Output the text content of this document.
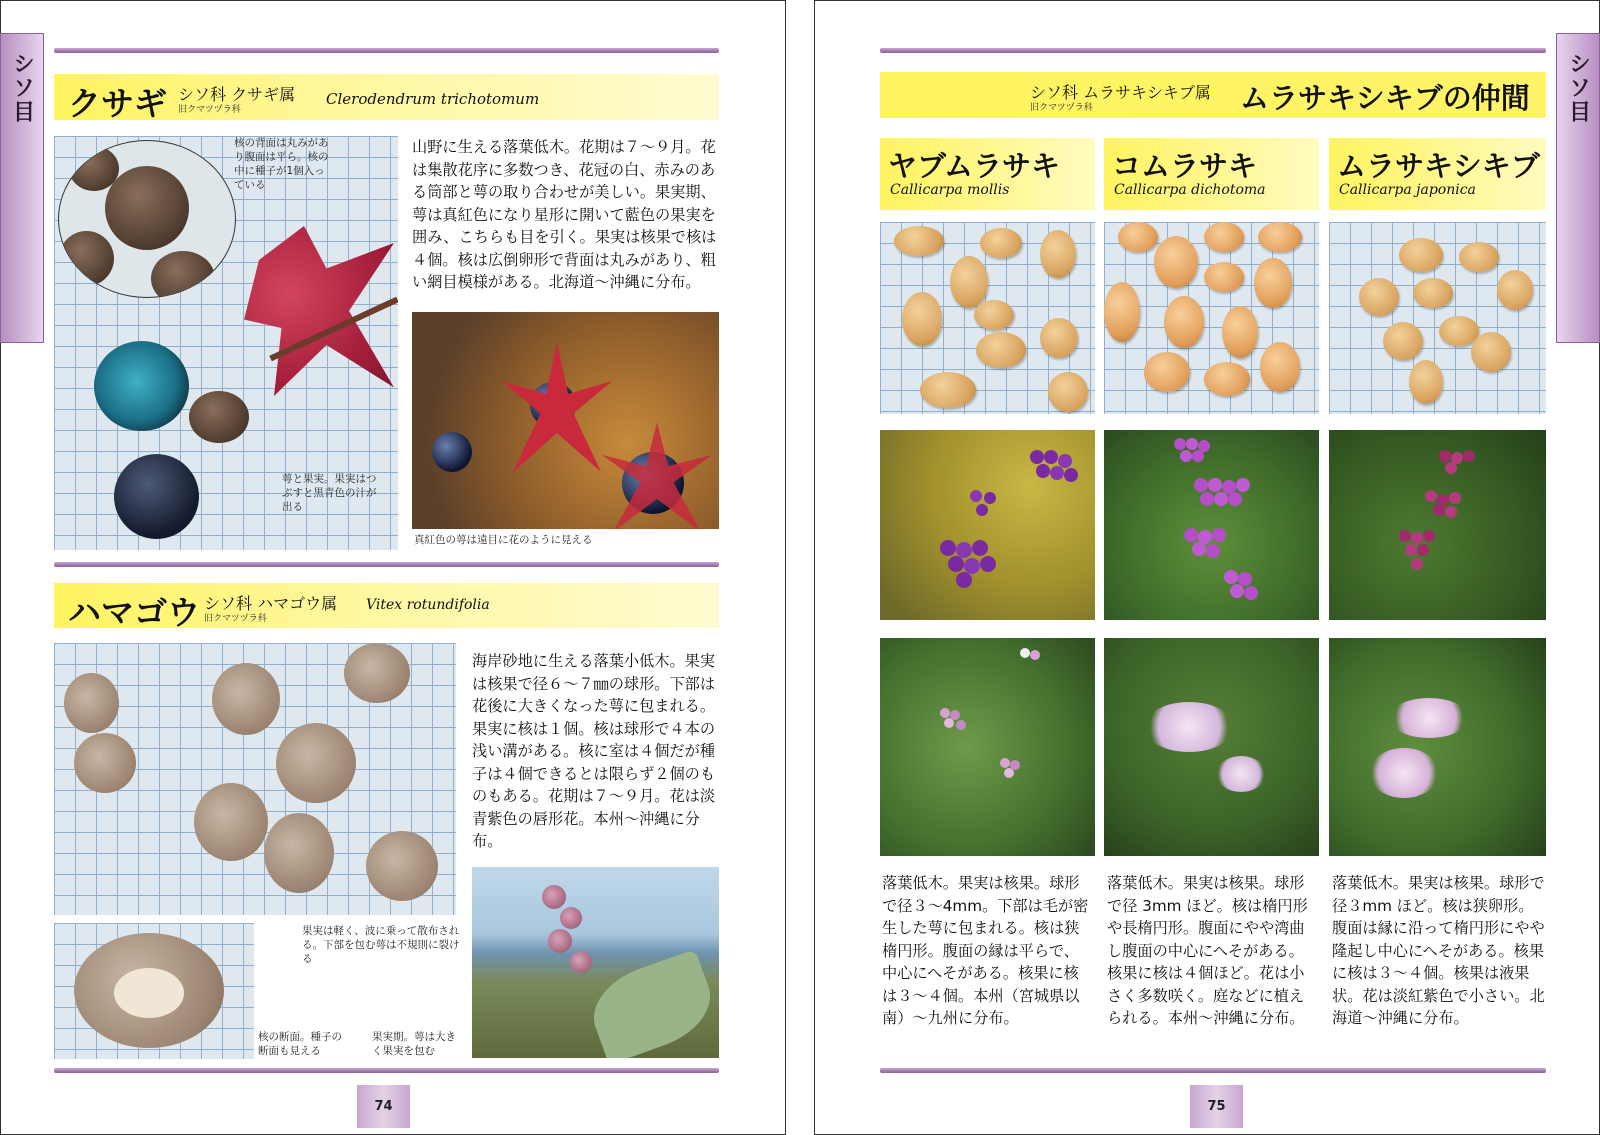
シソ目	シソ目
クサギ シソ科 クサギ属
旧クマツヅラ科
Clerodendrum trichotomum
核の背面は丸みがあり腹面は平ら。核の中に種子が1個入っている
萼と果実。果実はつぶすと黒青色の汁が出る
山野に生える落葉低木。花期は７～９月。花は集散花序に多数つき、花冠の白、赤みのある筒部と萼の取り合わせが美しい。果実期、萼は真紅色になり星形に開いて藍色の果実を囲み、こちらも目を引く。果実は核果で核は４個。核は広倒卵形で背面は丸みがあり、粗い網目模様がある。北海道～沖縄に分布。
真紅色の萼は遠目に花のように見える
ハマゴウ シソ科 ハマゴウ属
旧クマツヅラ科
Vitex rotundifolia
果実は軽く、波に乗って散布される。下部を包む萼は不規則に裂ける
核の断面。種子の断面も見える
果実期。萼は大きく果実を包む
海岸砂地に生える落葉小低木。果実は核果で径６～７㎜の球形。下部は花後に大きくなった萼に包まれる。果実に核は１個。核は球形で４本の浅い溝がある。核に室は４個だが種子は４個できるとは限らず２個のものもある。花期は７～９月。花は淡青紫色の唇形花。本州～沖縄に分布。
74
シソ科 ムラサキシキブ属
旧クマツヅラ科	ムラサキシキブの仲間
ヤブムラサキ
Callicarpa mollis
コムラサキ
Callicarpa dichotoma
ムラサキシキブ
Callicarpa japonica
落葉低木。果実は核果。球形で径３～4mm。下部は毛が密生した萼に包まれる。核は狭楕円形。腹面の縁は平らで、中心にへそがある。核果に核は３～４個。本州（宮城県以南）～九州に分布。
落葉低木。果実は核果。球形で径 3mm ほど。核は楕円形や長楕円形。腹面にやや湾曲し腹面の中心にへそがある。核果に核は４個ほど。花は小さく多数咲く。庭などに植えられる。本州～沖縄に分布。
落葉低木。果実は核果。球形で径３mm ほど。核は狭卵形。腹面は縁に沿って楕円形にやや隆起し中心にへそがある。核果に核は３～４個。核果は液果状。花は淡紅紫色で小さい。北海道～沖縄に分布。
75
